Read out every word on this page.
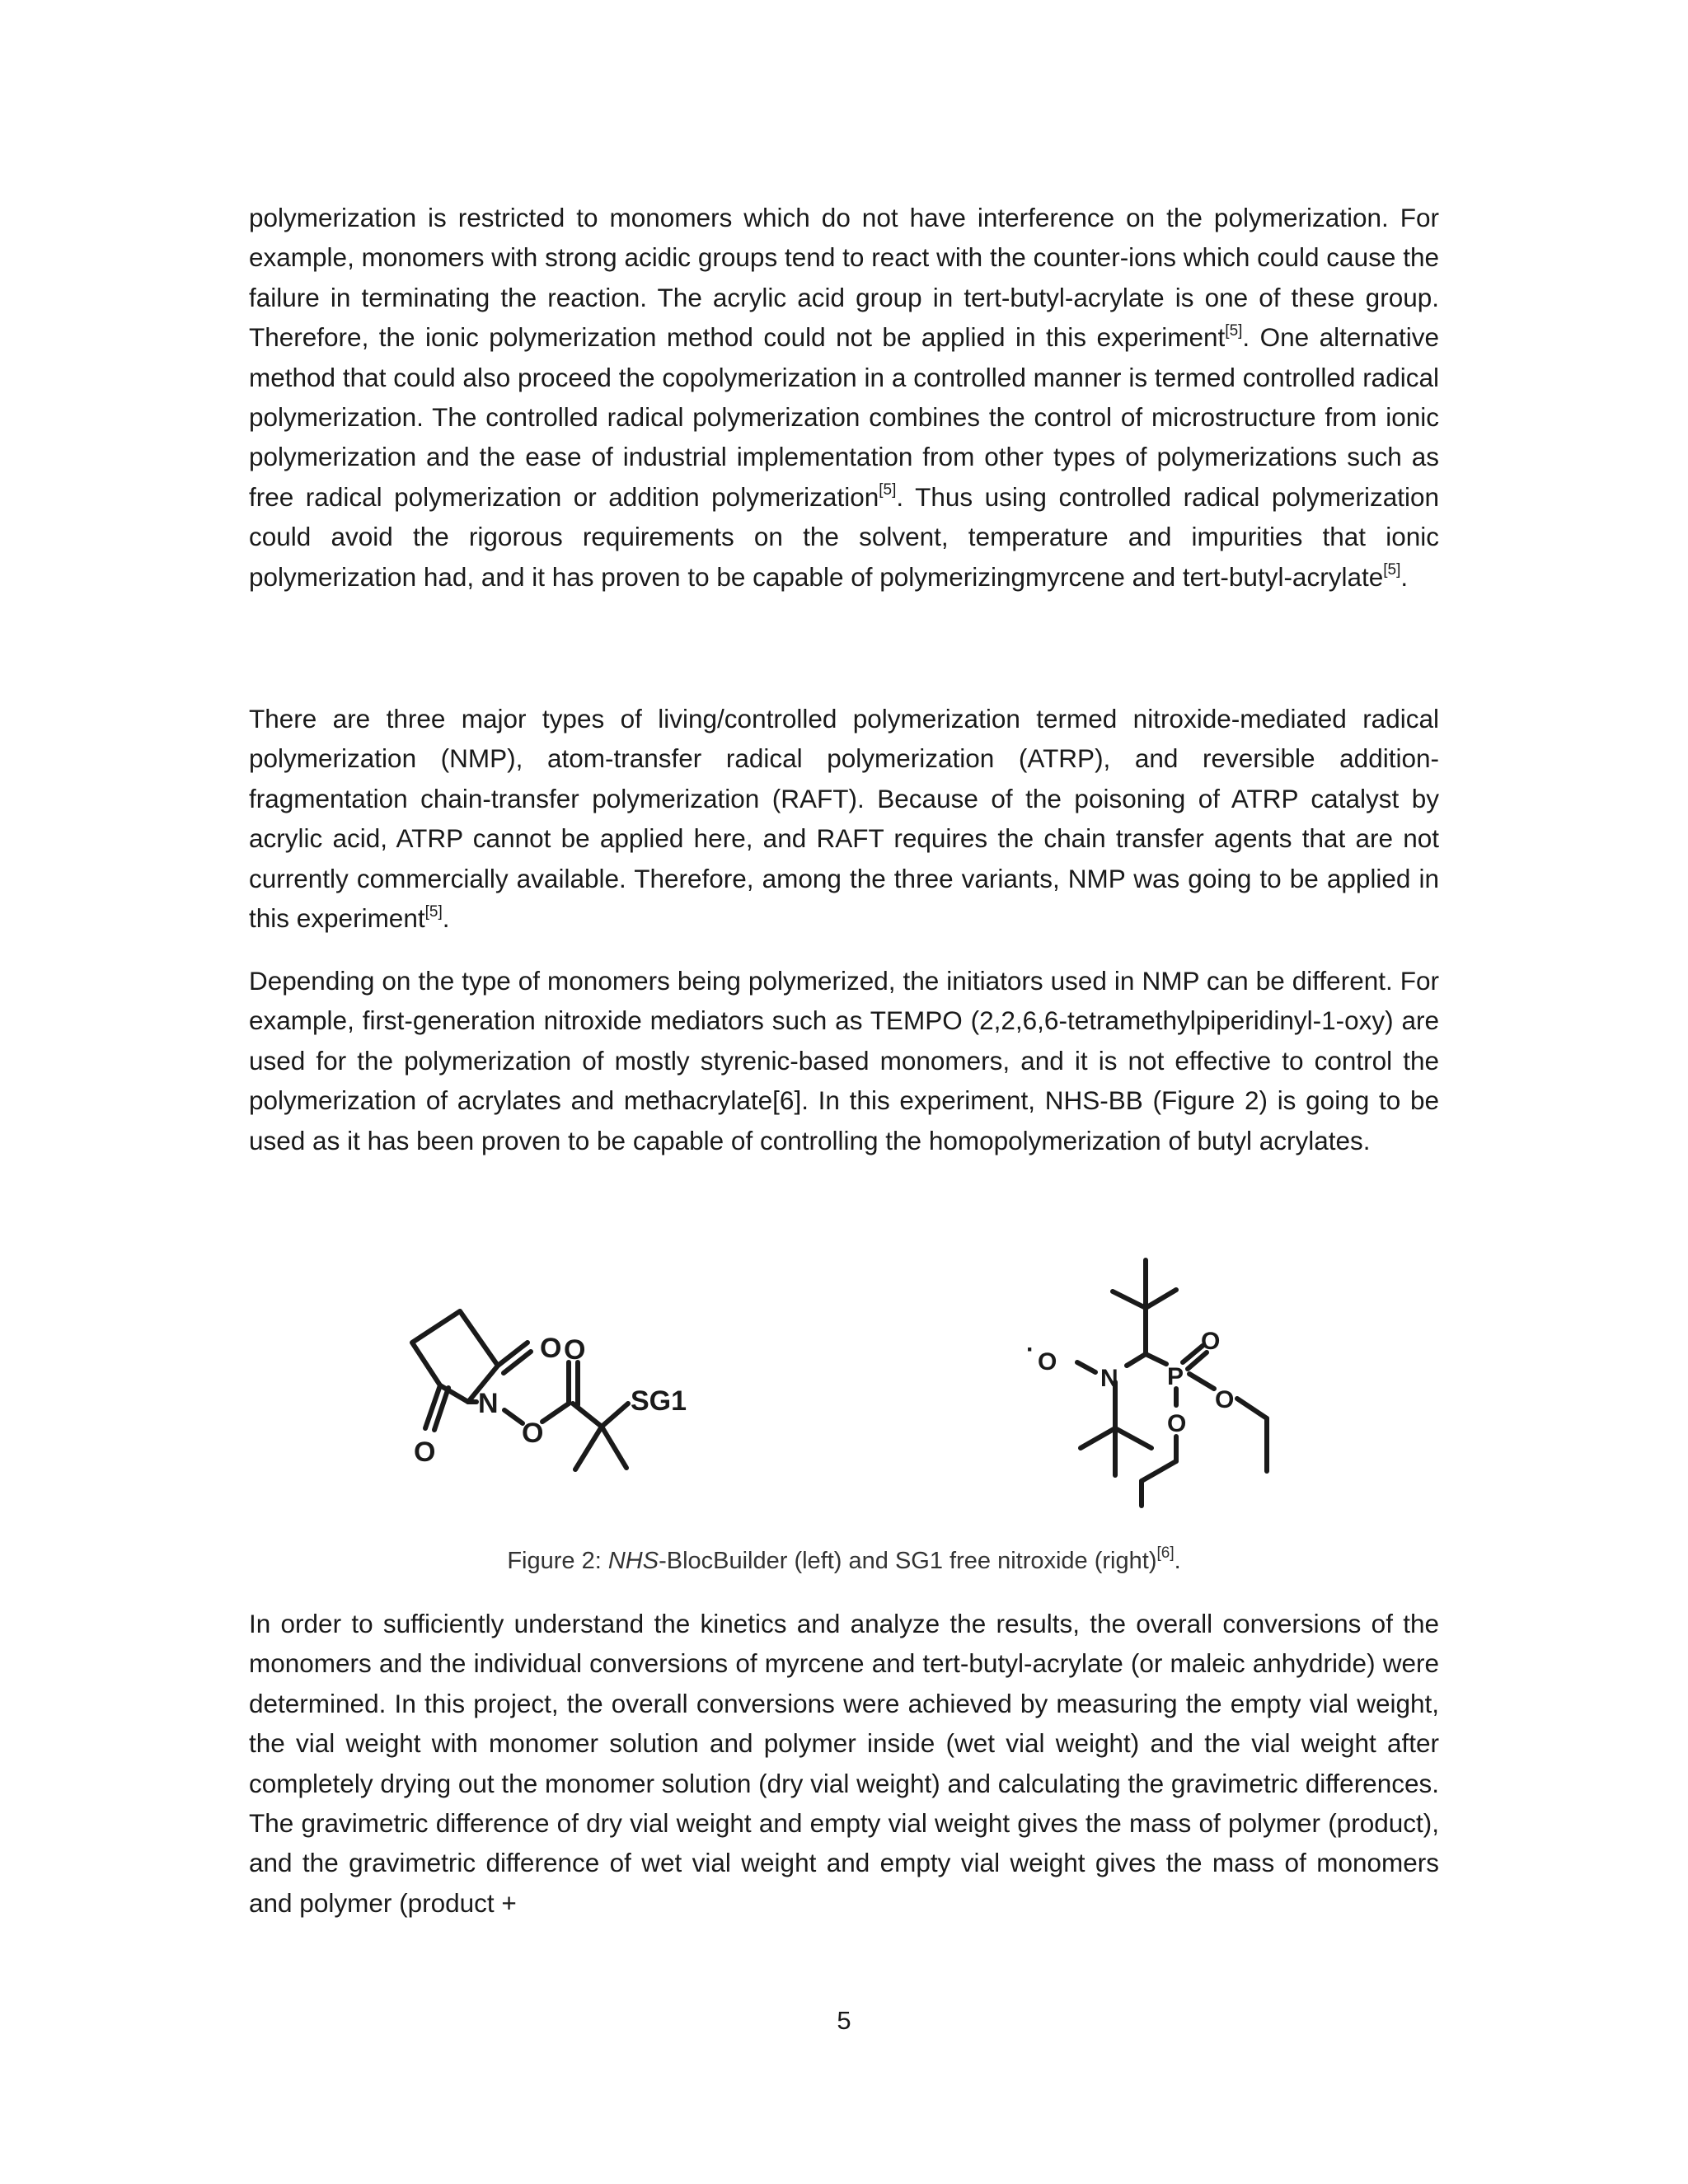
polymerization is restricted to monomers which do not have interference on the polymerization. For example, monomers with strong acidic groups tend to react with the counter-ions which could cause the failure in terminating the reaction. The acrylic acid group in tert-butyl-acrylate is one of these group. Therefore, the ionic polymerization method could not be applied in this experiment[5]. One alternative method that could also proceed the copolymerization in a controlled manner is termed controlled radical polymerization. The controlled radical polymerization combines the control of microstructure from ionic polymerization and the ease of industrial implementation from other types of polymerizations such as free radical polymerization or addition polymerization[5]. Thus using controlled radical polymerization could avoid the rigorous requirements on the solvent, temperature and impurities that ionic polymerization had, and it has proven to be capable of polymerizingmyrcene and tert-butyl-acrylate[5].

There are three major types of living/controlled polymerization termed nitroxide-mediated radical polymerization (NMP), atom-transfer radical polymerization (ATRP), and reversible addition-fragmentation chain-transfer polymerization (RAFT). Because of the poisoning of ATRP catalyst by acrylic acid, ATRP cannot be applied here, and RAFT requires the chain transfer agents that are not currently commercially available. Therefore, among the three variants, NMP was going to be applied in this experiment[5].

Depending on the type of monomers being polymerized, the initiators used in NMP can be different. For example, first-generation nitroxide mediators such as TEMPO (2,2,6,6-tetramethylpiperidinyl-1-oxy) are used for the polymerization of mostly styrenic-based monomers, and it is not effective to control the polymerization of acrylates and methacrylate[6]. In this experiment, NHS-BB (Figure 2) is going to be used as it has been proven to be capable of controlling the homopolymerization of butyl acrylates.

O
O
N
O
O
SG1
· O
N P
O
O
O
Figure 2: NHS-BlocBuilder (left) and SG1 free nitroxide (right)[6].

In order to sufficiently understand the kinetics and analyze the results, the overall conversions of the monomers and the individual conversions of myrcene and tert-butyl-acrylate (or maleic anhydride) were determined. In this project, the overall conversions were achieved by measuring the empty vial weight, the vial weight with monomer solution and polymer inside (wet vial weight) and the vial weight after completely drying out the monomer solution (dry vial weight) and calculating the gravimetric differences. The gravimetric difference of dry vial weight and empty vial weight gives the mass of polymer (product), and the gravimetric difference of wet vial weight and empty vial weight gives the mass of monomers and polymer (product +

5
